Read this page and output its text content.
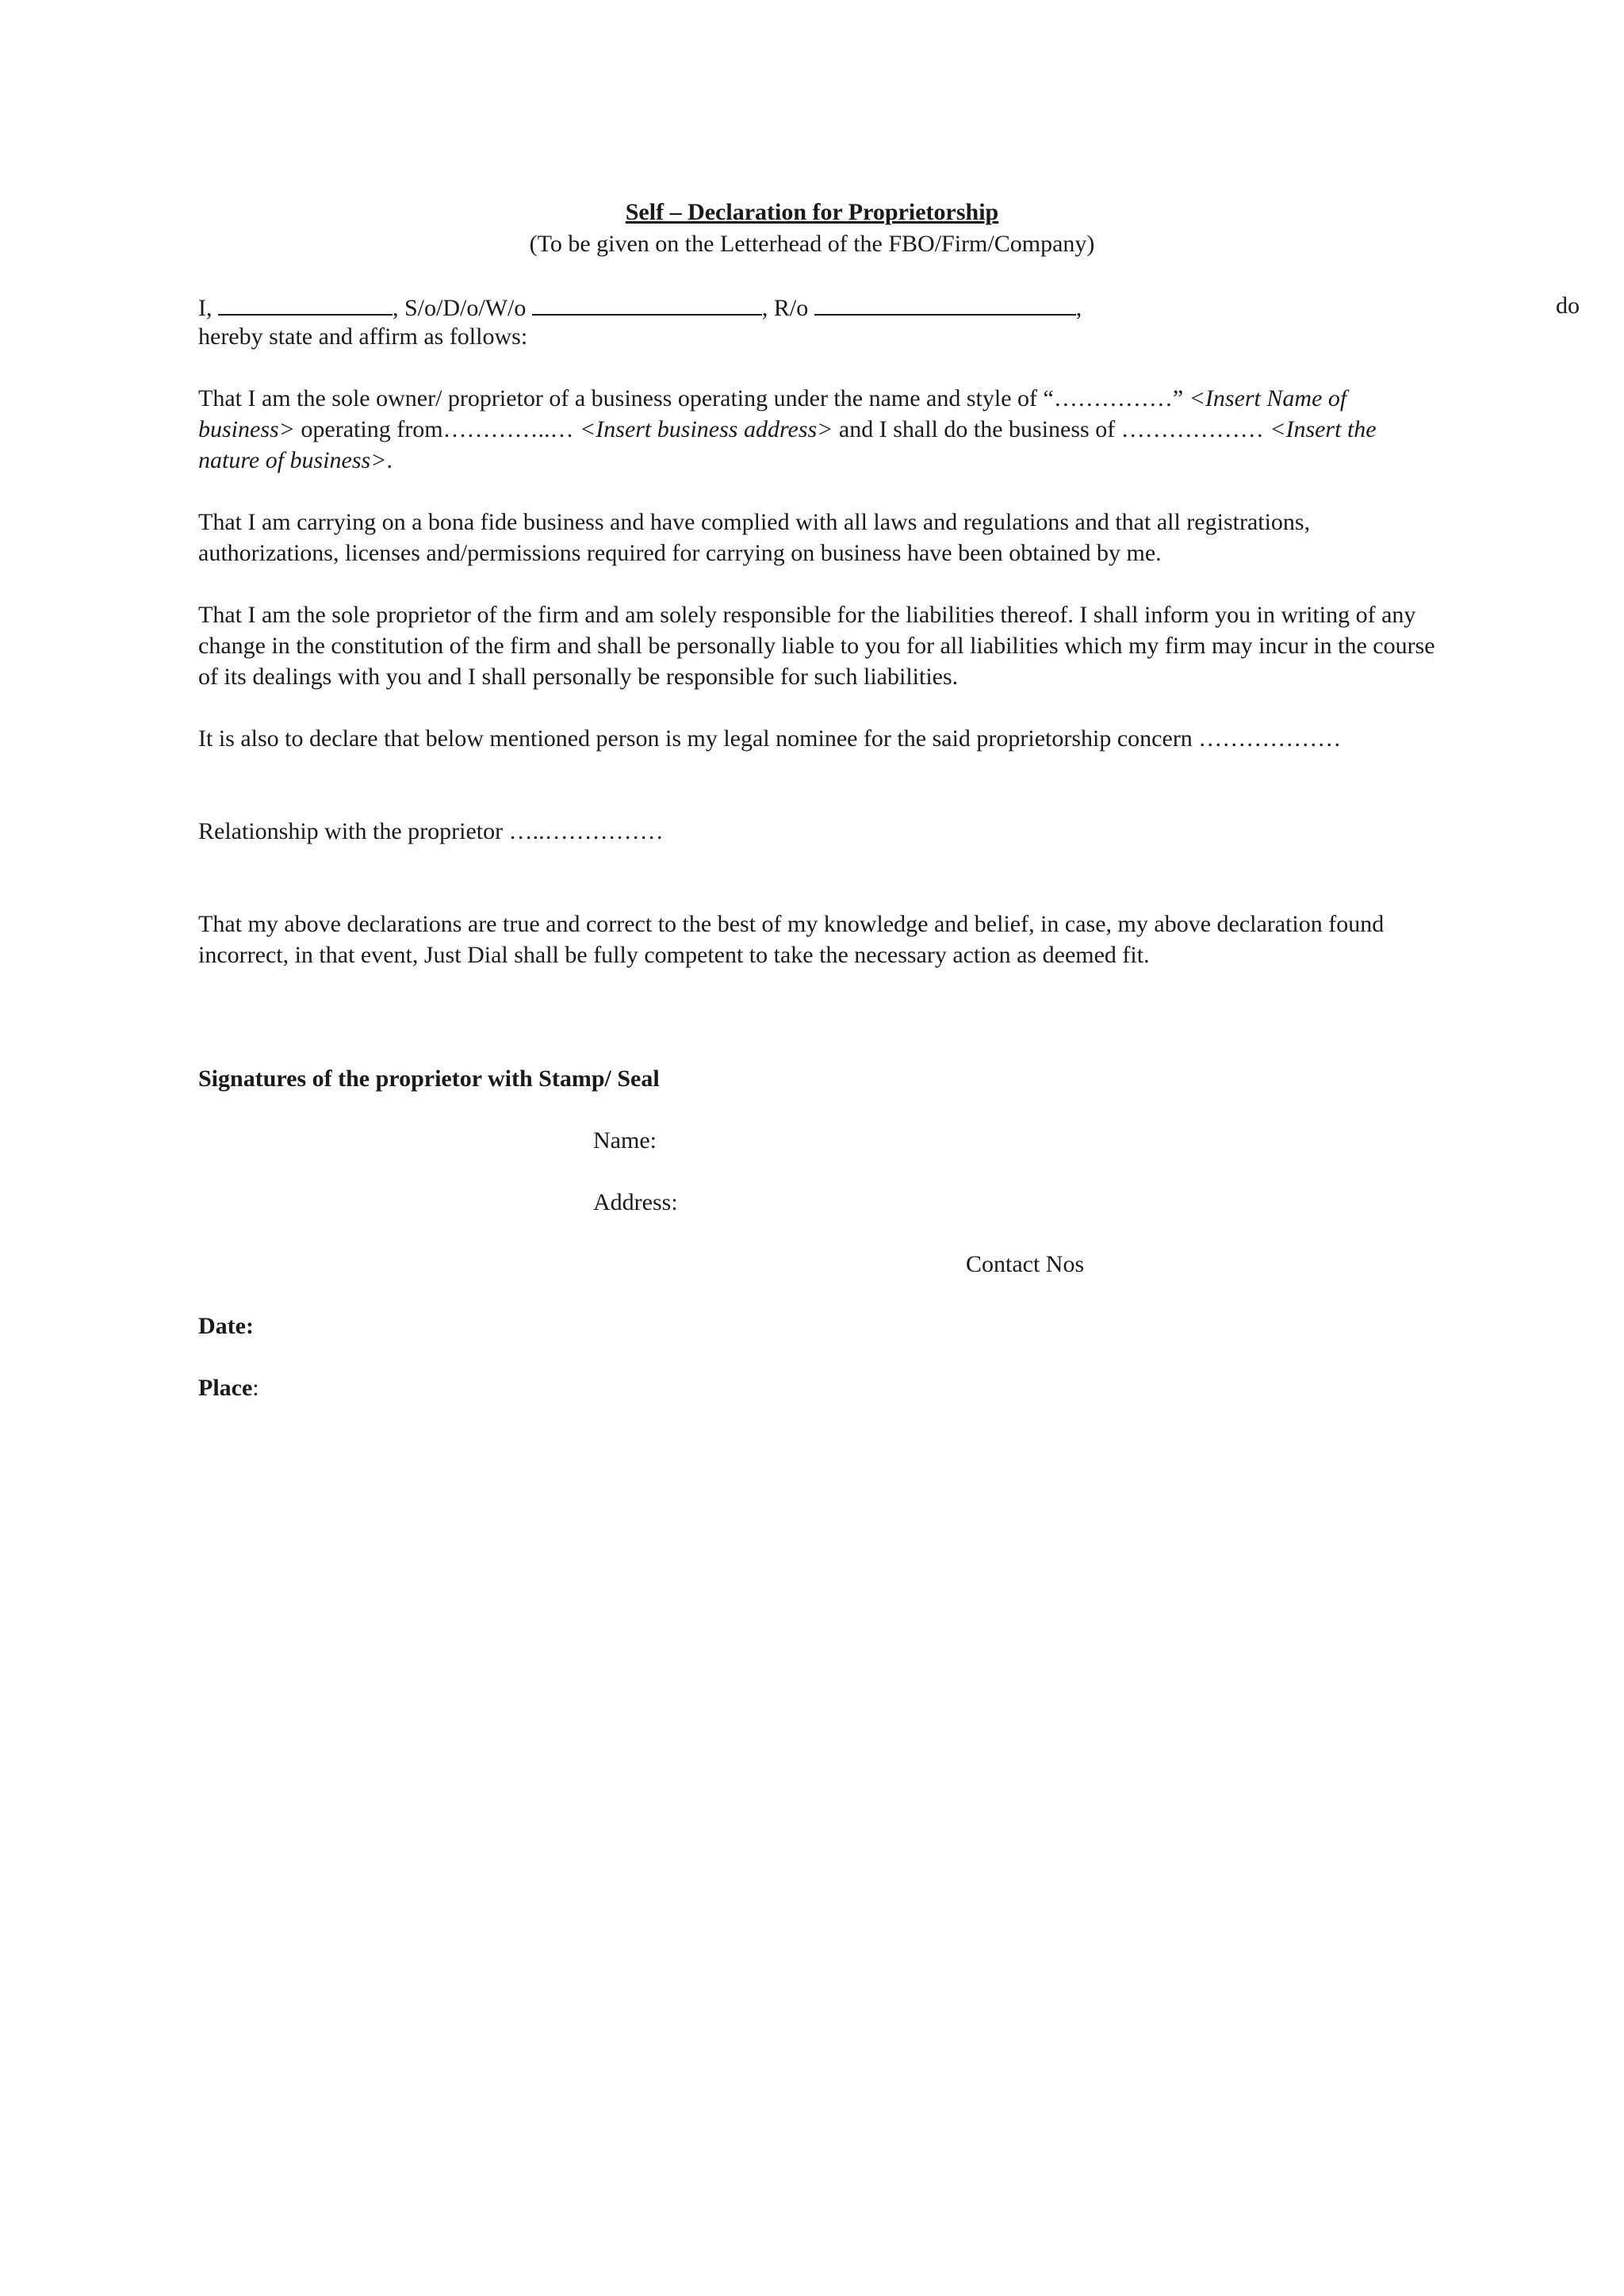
Self – Declaration for Proprietorship
(To be given on the Letterhead of the FBO/Firm/Company)
I,	, S/o/D/o/W/o	, R/o	,	do
hereby state and affirm as follows:
That I am the sole owner/ proprietor of a business operating under the name and style of “……………” <Insert Name of business> operating from…………..… <Insert business address> and I shall do the business of ……………… <Insert the nature of business>.
That I am carrying on a bona fide business and have complied with all laws and regulations and that all registrations, authorizations, licenses and/permissions required for carrying on business have been obtained by me.
That I am the sole proprietor of the firm and am solely responsible for the liabilities thereof. I shall inform you in writing of any change in the constitution of the firm and shall be personally liable to you for all liabilities which my firm may incur in the course of its dealings with you and I shall personally be responsible for such liabilities.
It is also to declare that below mentioned person is my legal nominee for the said proprietorship concern ………………
Relationship with the proprietor …..……………
That my above declarations are true and correct to the best of my knowledge and belief, in case, my above declaration found incorrect, in that event, Just Dial shall be fully competent to take the necessary action as deemed fit.
Signatures of the proprietor with Stamp/ Seal
Name:
Address:
Contact Nos
Date:
Place:
